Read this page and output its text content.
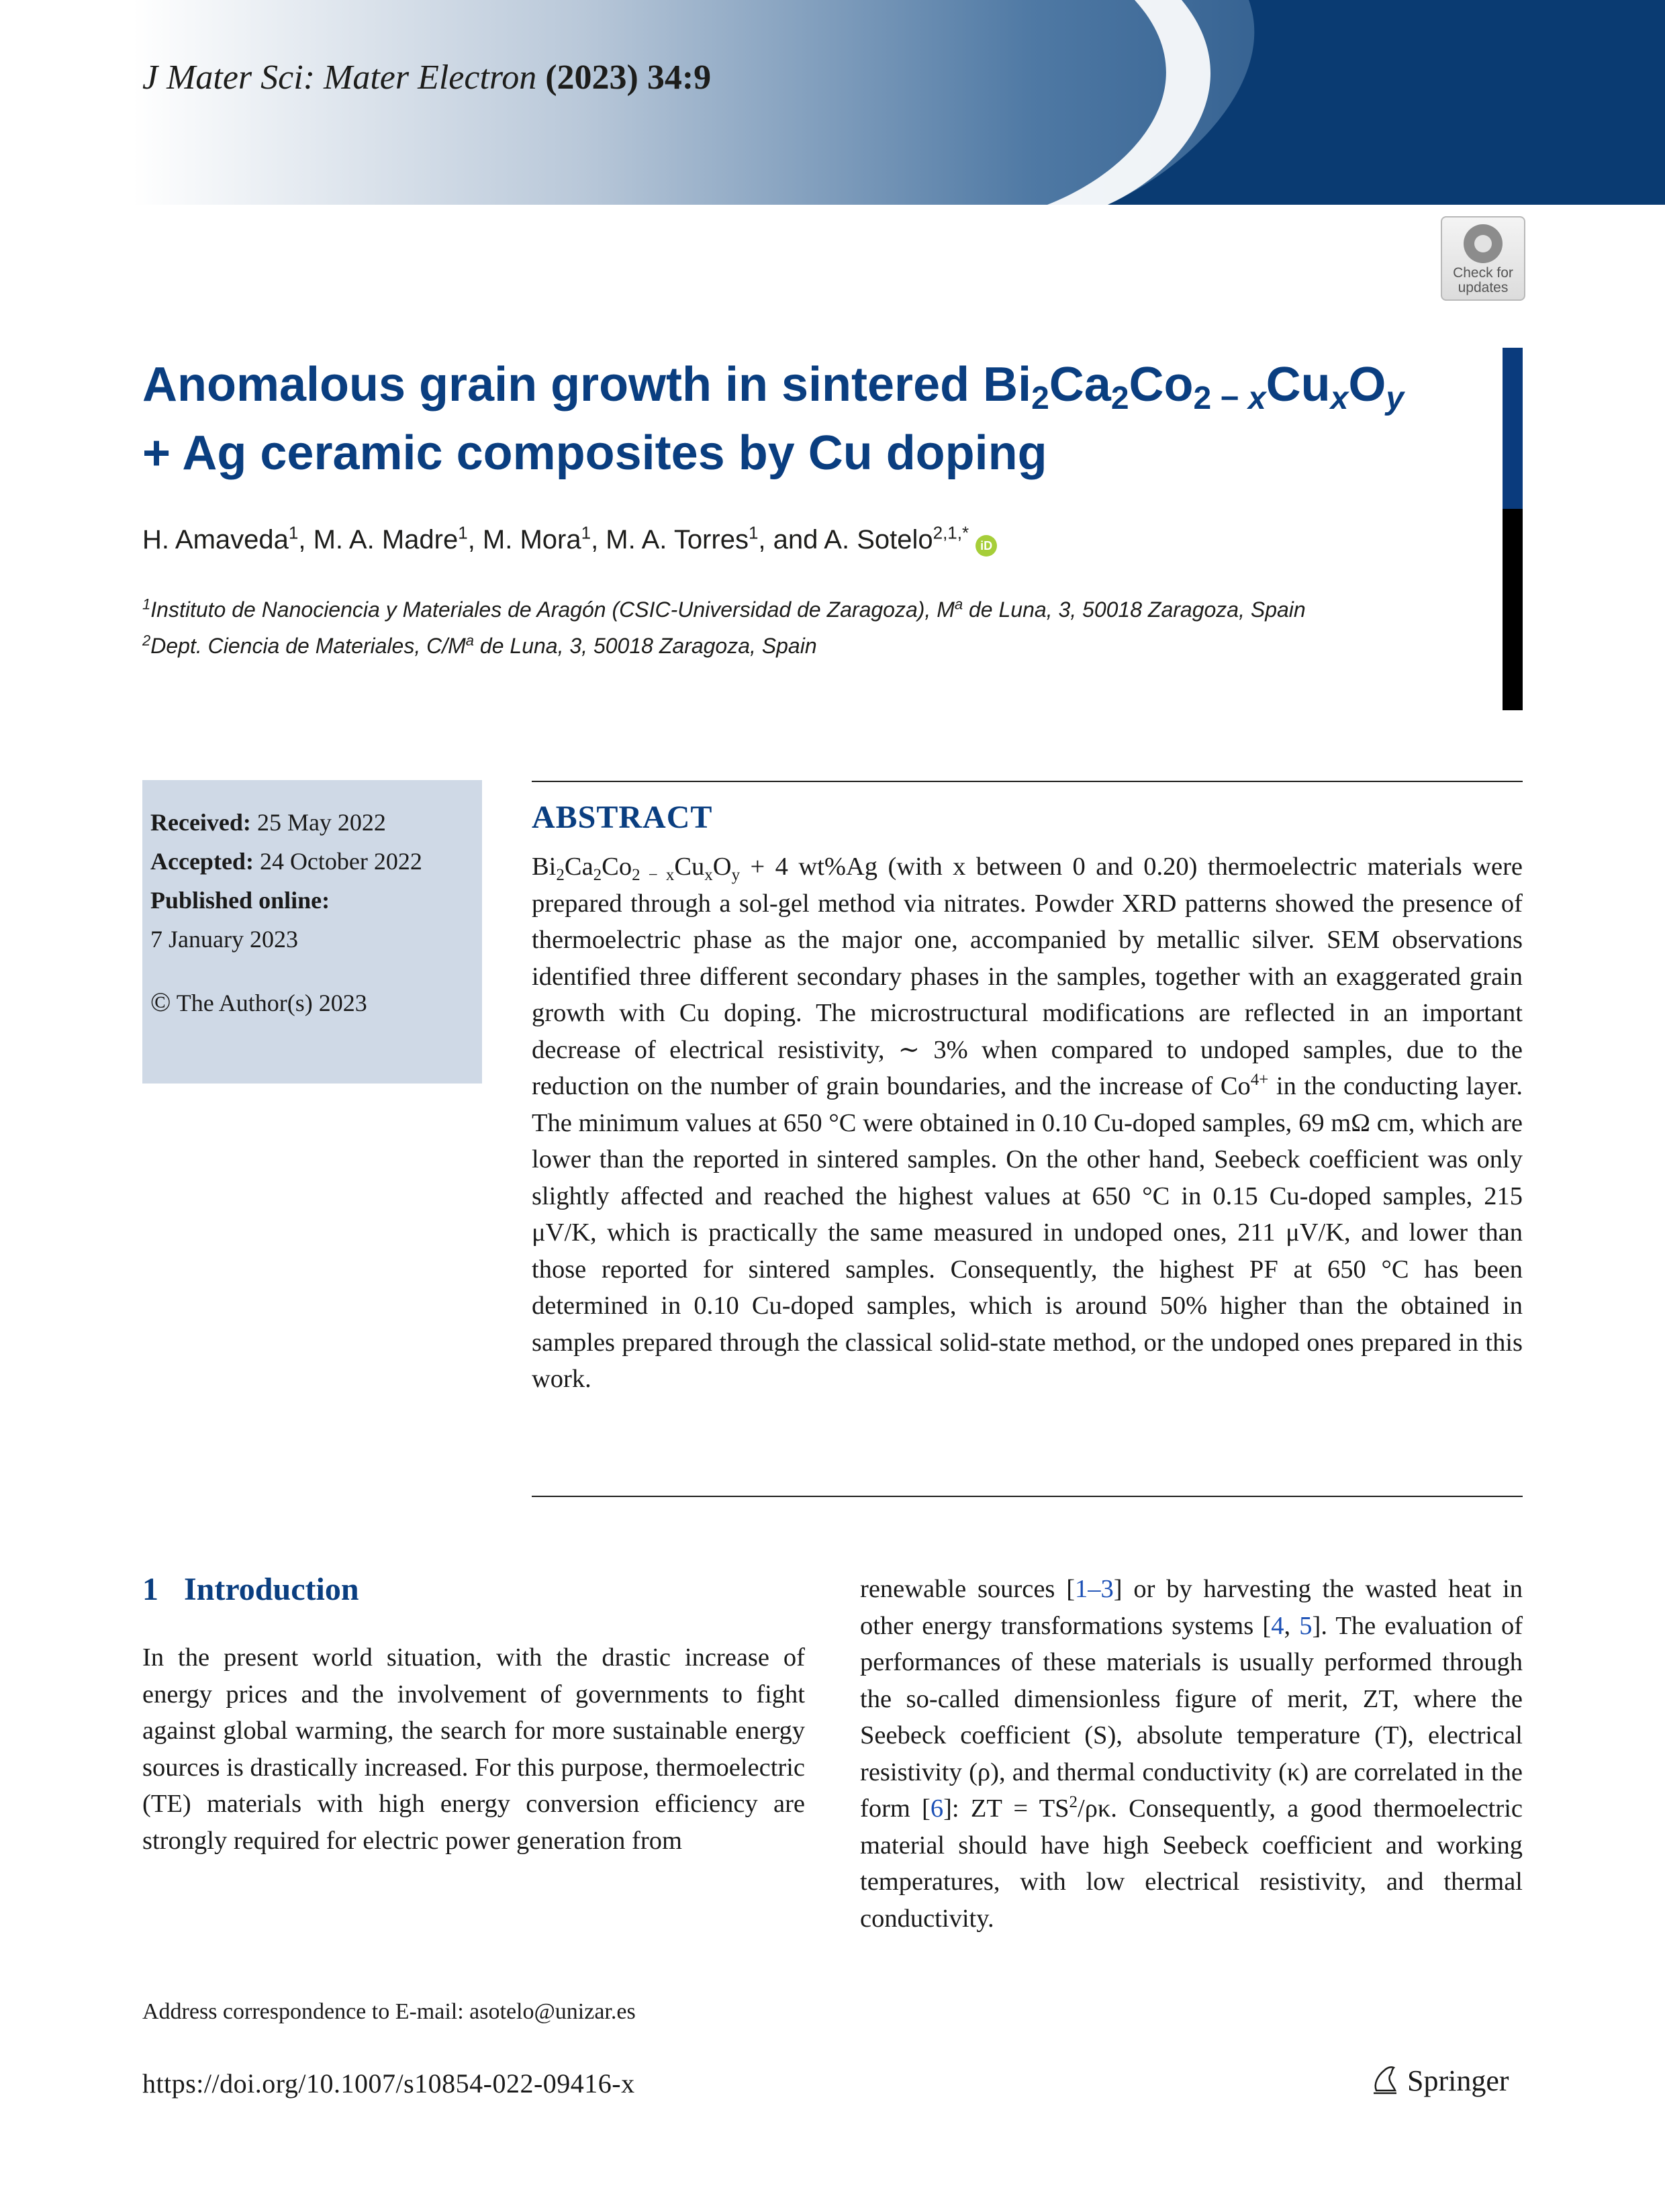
J Mater Sci: Mater Electron (2023) 34:9
Check for updates
Anomalous grain growth in sintered $Bi_2Ca_2Co_{2 - x}Cu_xO_y$
+ Ag ceramic composites by Cu doping
H. Amaveda$^1$, M. A. Madre$^1$, M. Mora$^1$, M. A. Torres$^1$, and A. Sotelo$^{2,1,*}$iD
$^1$Instituto de Nanociencia y Materiales de Aragón (CSIC-Universidad de Zaragoza), $M^a$ de Luna, 3, 50018 Zaragoza, Spain
$^2$Dept. Ciencia de Materiales, $C/M^a$ de Luna, 3, 50018 Zaragoza, Spain
Received: 25 May 2022
Accepted: 24 October 2022
Published online:
7 January 2023
© The Author(s) 2023
ABSTRACT
$Bi_2Ca_2Co_{2 - x}Cu_xO_y + 4$ wt%Ag (with x between 0 and 0.20) thermoelectric materials were prepared through a sol-gel method via nitrates. Powder XRD patterns showed the presence of thermoelectric phase as the major one, accompanied by metallic silver. SEM observations identified three different secondary phases in the samples, together with an exaggerated grain growth with Cu doping. The microstructural modifications are reflected in an important decrease of electrical resistivity, ∼ 3% when compared to undoped samples, due to the reduction on the number of grain boundaries, and the increase of $Co^{4+}$ in the conducting layer. The minimum values at 650 °C were obtained in 0.10 Cu-doped samples, 69 mΩ cm, which are lower than the reported in sintered samples. On the other hand, Seebeck coefficient was only slightly affected and reached the highest values at 650 °C in 0.15 Cu-doped samples, 215 μV/K, which is practically the same measured in undoped ones, 211 μV/K, and lower than those reported for sintered samples. Consequently, the highest PF at 650 °C has been determined in 0.10 Cu-doped samples, which is around 50% higher than the obtained in samples prepared through the classical solid-state method, or the undoped ones prepared in this work.
1 Introduction
In the present world situation, with the drastic increase of energy prices and the involvement of governments to fight against global warming, the search for more sustainable energy sources is drastically increased. For this purpose, thermoelectric (TE) materials with high energy conversion efficiency are strongly required for electric power generation from
renewable sources [1–3] or by harvesting the wasted heat in other energy transformations systems [4, 5]. The evaluation of performances of these materials is usually performed through the so-called dimensionless figure of merit, ZT, where the Seebeck coefficient (S), absolute temperature (T), electrical resistivity (ρ), and thermal conductivity (κ) are correlated in the form [6]: ZT = $TS^2/\rho\kappa$. Consequently, a good thermoelectric material should have high Seebeck coefficient and working temperatures, with low electrical resistivity, and thermal conductivity.
Address correspondence to E-mail: asotelo@unizar.es
https://doi.org/10.1007/s10854-022-09416-x	Springer
